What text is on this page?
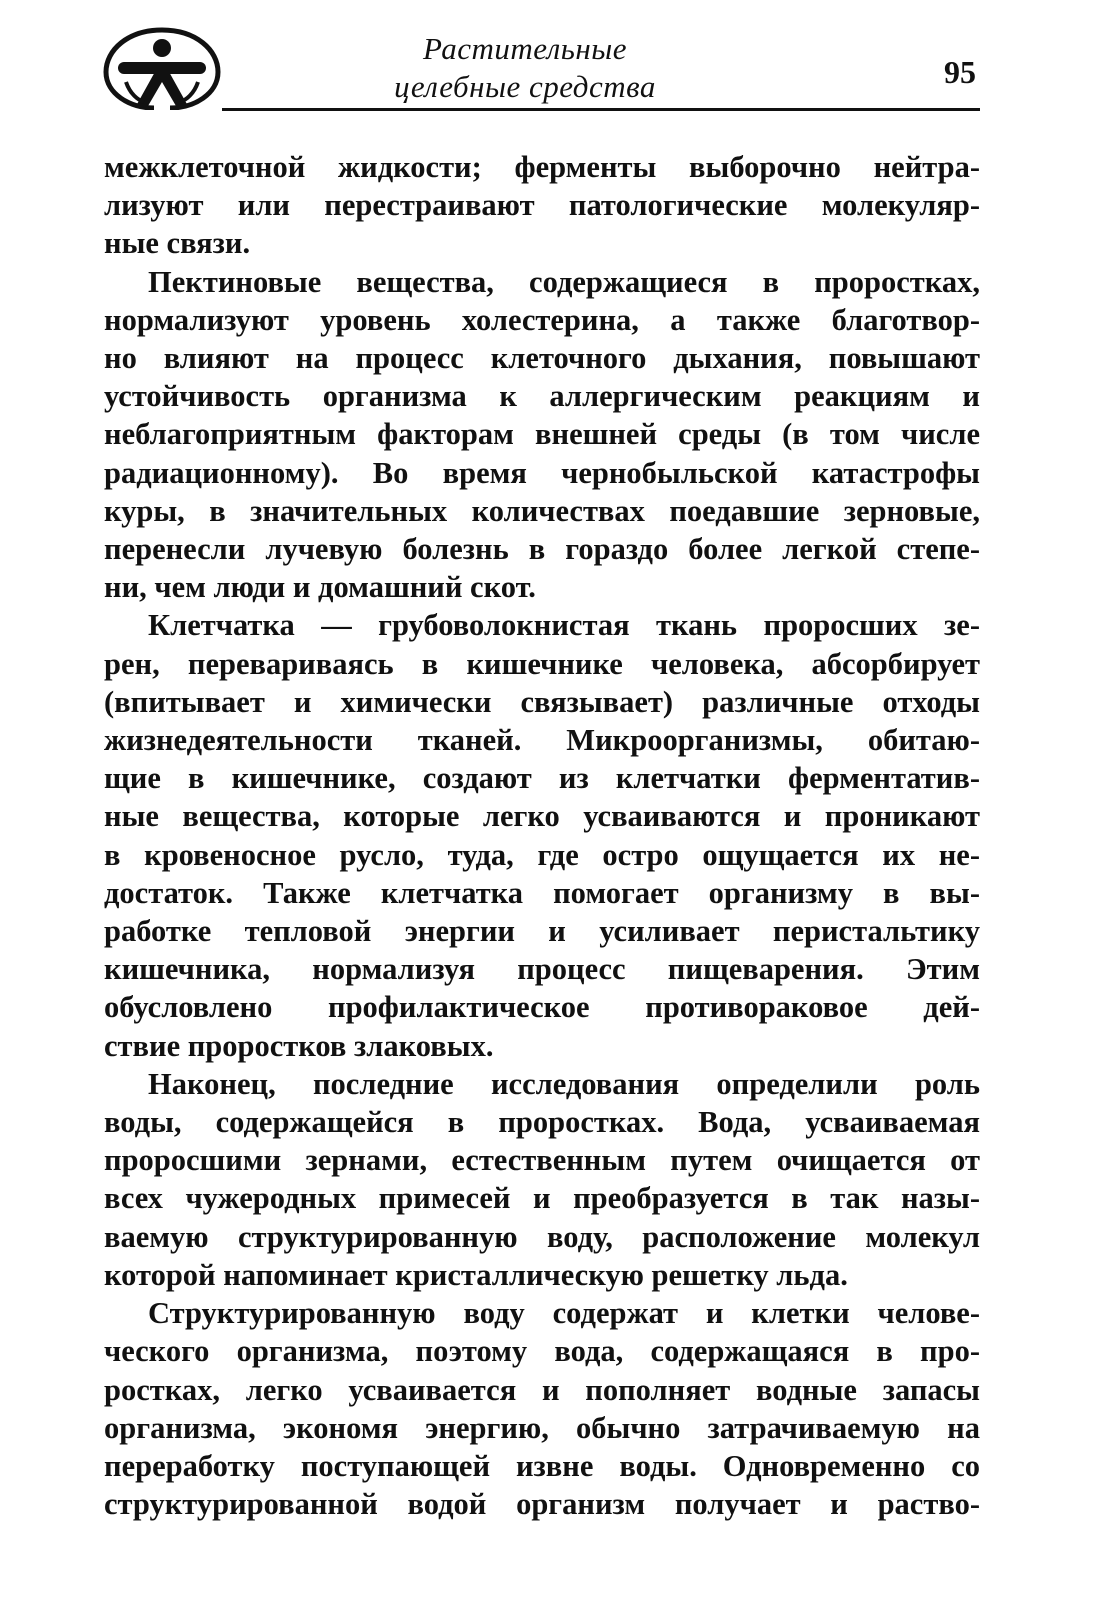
Растительные
целебные средства	95
межклеточной жидкости; ферменты выборочно нейтра-
лизуют или перестраивают патологические молекуляр-
ные связи.
Пектиновые вещества, содержащиеся в проростках,
нормализуют уровень холестерина, а также благотвор-
но влияют на процесс клеточного дыхания, повышают
устойчивость организма к аллергическим реакциям и
неблагоприятным факторам внешней среды (в том числе
радиационному). Во время чернобыльской катастрофы
куры, в значительных количествах поедавшие зерновые,
перенесли лучевую болезнь в гораздо более легкой степе-
ни, чем люди и домашний скот.
Клетчатка — грубоволокнистая ткань проросших зе-
рен, перевариваясь в кишечнике человека, абсорбирует
(впитывает и химически связывает) различные отходы
жизнедеятельности тканей. Микроорганизмы, обитаю-
щие в кишечнике, создают из клетчатки ферментатив-
ные вещества, которые легко усваиваются и проникают
в кровеносное русло, туда, где остро ощущается их не-
достаток. Также клетчатка помогает организму в вы-
работке тепловой энергии и усиливает перистальтику
кишечника, нормализуя процесс пищеварения. Этим
обусловлено профилактическое противораковое дей-
ствие проростков злаковых.
Наконец, последние исследования определили роль
воды, содержащейся в проростках. Вода, усваиваемая
проросшими зернами, естественным путем очищается от
всех чужеродных примесей и преобразуется в так назы-
ваемую структурированную воду, расположение молекул
которой напоминает кристаллическую решетку льда.
Структурированную воду содержат и клетки челове-
ческого организма, поэтому вода, содержащаяся в про-
ростках, легко усваивается и пополняет водные запасы
организма, экономя энергию, обычно затрачиваемую на
переработку поступающей извне воды. Одновременно со
структурированной водой организм получает и раство-
